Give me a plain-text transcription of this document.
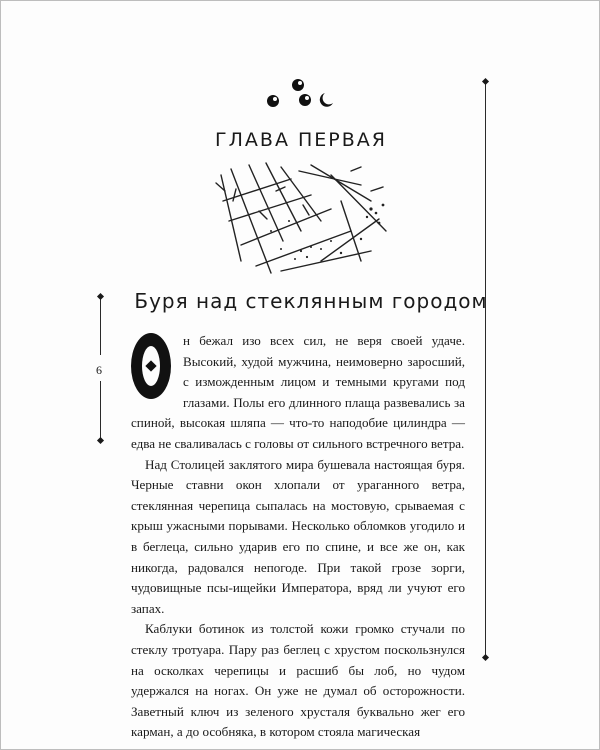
6
ГЛАВА ПЕРВАЯ
Буря над стеклянным городом

н бежал изо всех сил, не веря своей удаче. Высокий, худой мужчина, неимоверно заросший, с изможденным лицом и темными кругами под глазами. Полы его длинного плаща развевались за спиной, высокая шляпа — что-то наподобие цилиндра — едва не сваливалась с головы от сильного встречного ветра.

Над Столицей заклятого мира бушевала настоящая буря. Черные ставни окон хлопали от ураганного ветра, стеклянная черепица сыпалась на мостовую, срываемая с крыш ужасными порывами. Несколько обломков угодило и в беглеца, сильно ударив его по спине, и все же он, как никогда, радовался непогоде. При такой грозе зорги, чудовищные псы-ищейки Императора, вряд ли учуют его запах.

Каблуки ботинок из толстой кожи громко стучали по стеклу тротуара. Пару раз беглец с хрустом поскользнулся на осколках черепицы и расшиб бы лоб, но чудом удержался на ногах. Он уже не думал об осторожности. Заветный ключ из зеленого хрусталя буквально жег его карман, а до особняка, в котором стояла магическая
